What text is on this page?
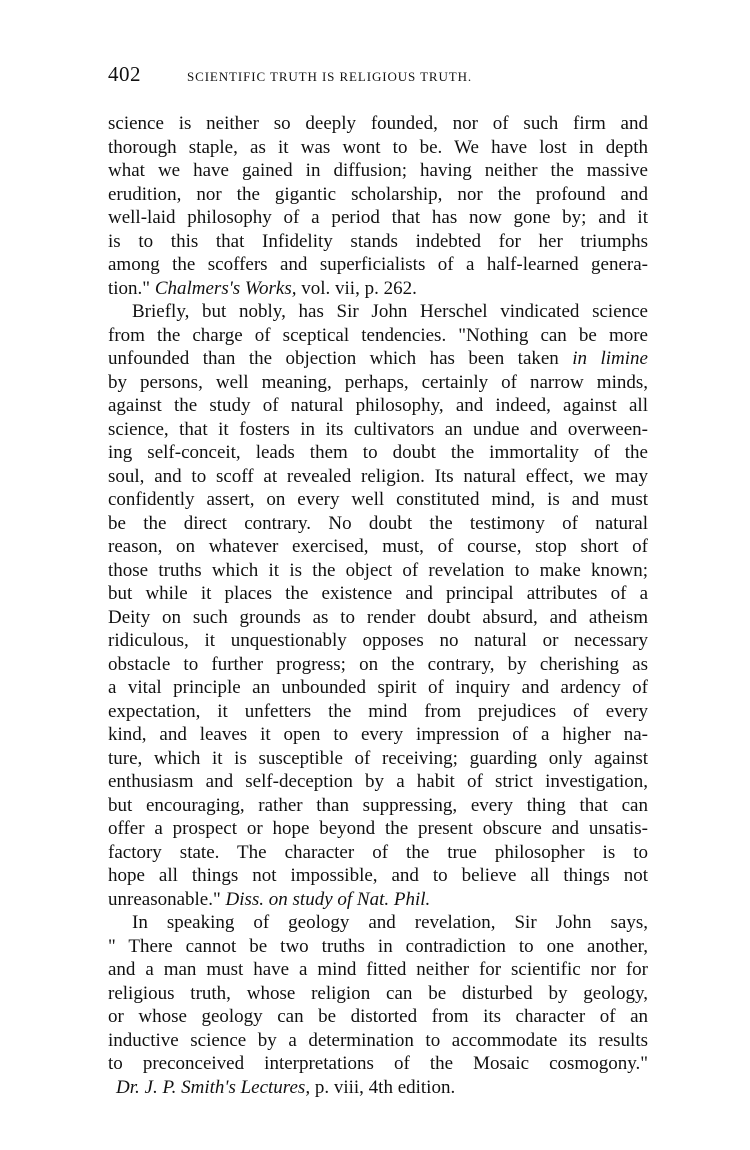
402	SCIENTIFIC TRUTH IS RELIGIOUS TRUTH.
science is neither so deeply founded, nor of such firm and
thorough staple, as it was wont to be. We have lost in depth
what we have gained in diffusion; having neither the massive
erudition, nor the gigantic scholarship, nor the profound and
well-laid philosophy of a period that has now gone by; and it
is to this that Infidelity stands indebted for her triumphs
among the scoffers and superficialists of a half-learned genera-
tion." Chalmers's Works, vol. vii, p. 262.
Briefly, but nobly, has Sir John Herschel vindicated science
from the charge of sceptical tendencies. "Nothing can be more
unfounded than the objection which has been taken in limine
by persons, well meaning, perhaps, certainly of narrow minds,
against the study of natural philosophy, and indeed, against all
science, that it fosters in its cultivators an undue and overween-
ing self-conceit, leads them to doubt the immortality of the
soul, and to scoff at revealed religion. Its natural effect, we may
confidently assert, on every well constituted mind, is and must
be the direct contrary. No doubt the testimony of natural
reason, on whatever exercised, must, of course, stop short of
those truths which it is the object of revelation to make known;
but while it places the existence and principal attributes of a
Deity on such grounds as to render doubt absurd, and atheism
ridiculous, it unquestionably opposes no natural or necessary
obstacle to further progress; on the contrary, by cherishing as
a vital principle an unbounded spirit of inquiry and ardency of
expectation, it unfetters the mind from prejudices of every
kind, and leaves it open to every impression of a higher na-
ture, which it is susceptible of receiving; guarding only against
enthusiasm and self-deception by a habit of strict investigation,
but encouraging, rather than suppressing, every thing that can
offer a prospect or hope beyond the present obscure and unsatis-
factory state. The character of the true philosopher is to
hope all things not impossible, and to believe all things not
unreasonable." Diss. on study of Nat. Phil.
In speaking of geology and revelation, Sir John says,
" There cannot be two truths in contradiction to one another,
and a man must have a mind fitted neither for scientific nor for
religious truth, whose religion can be disturbed by geology,
or whose geology can be distorted from its character of an
inductive science by a determination to accommodate its results
to preconceived interpretations of the Mosaic cosmogony."
Dr. J. P. Smith's Lectures, p. viii, 4th edition.
